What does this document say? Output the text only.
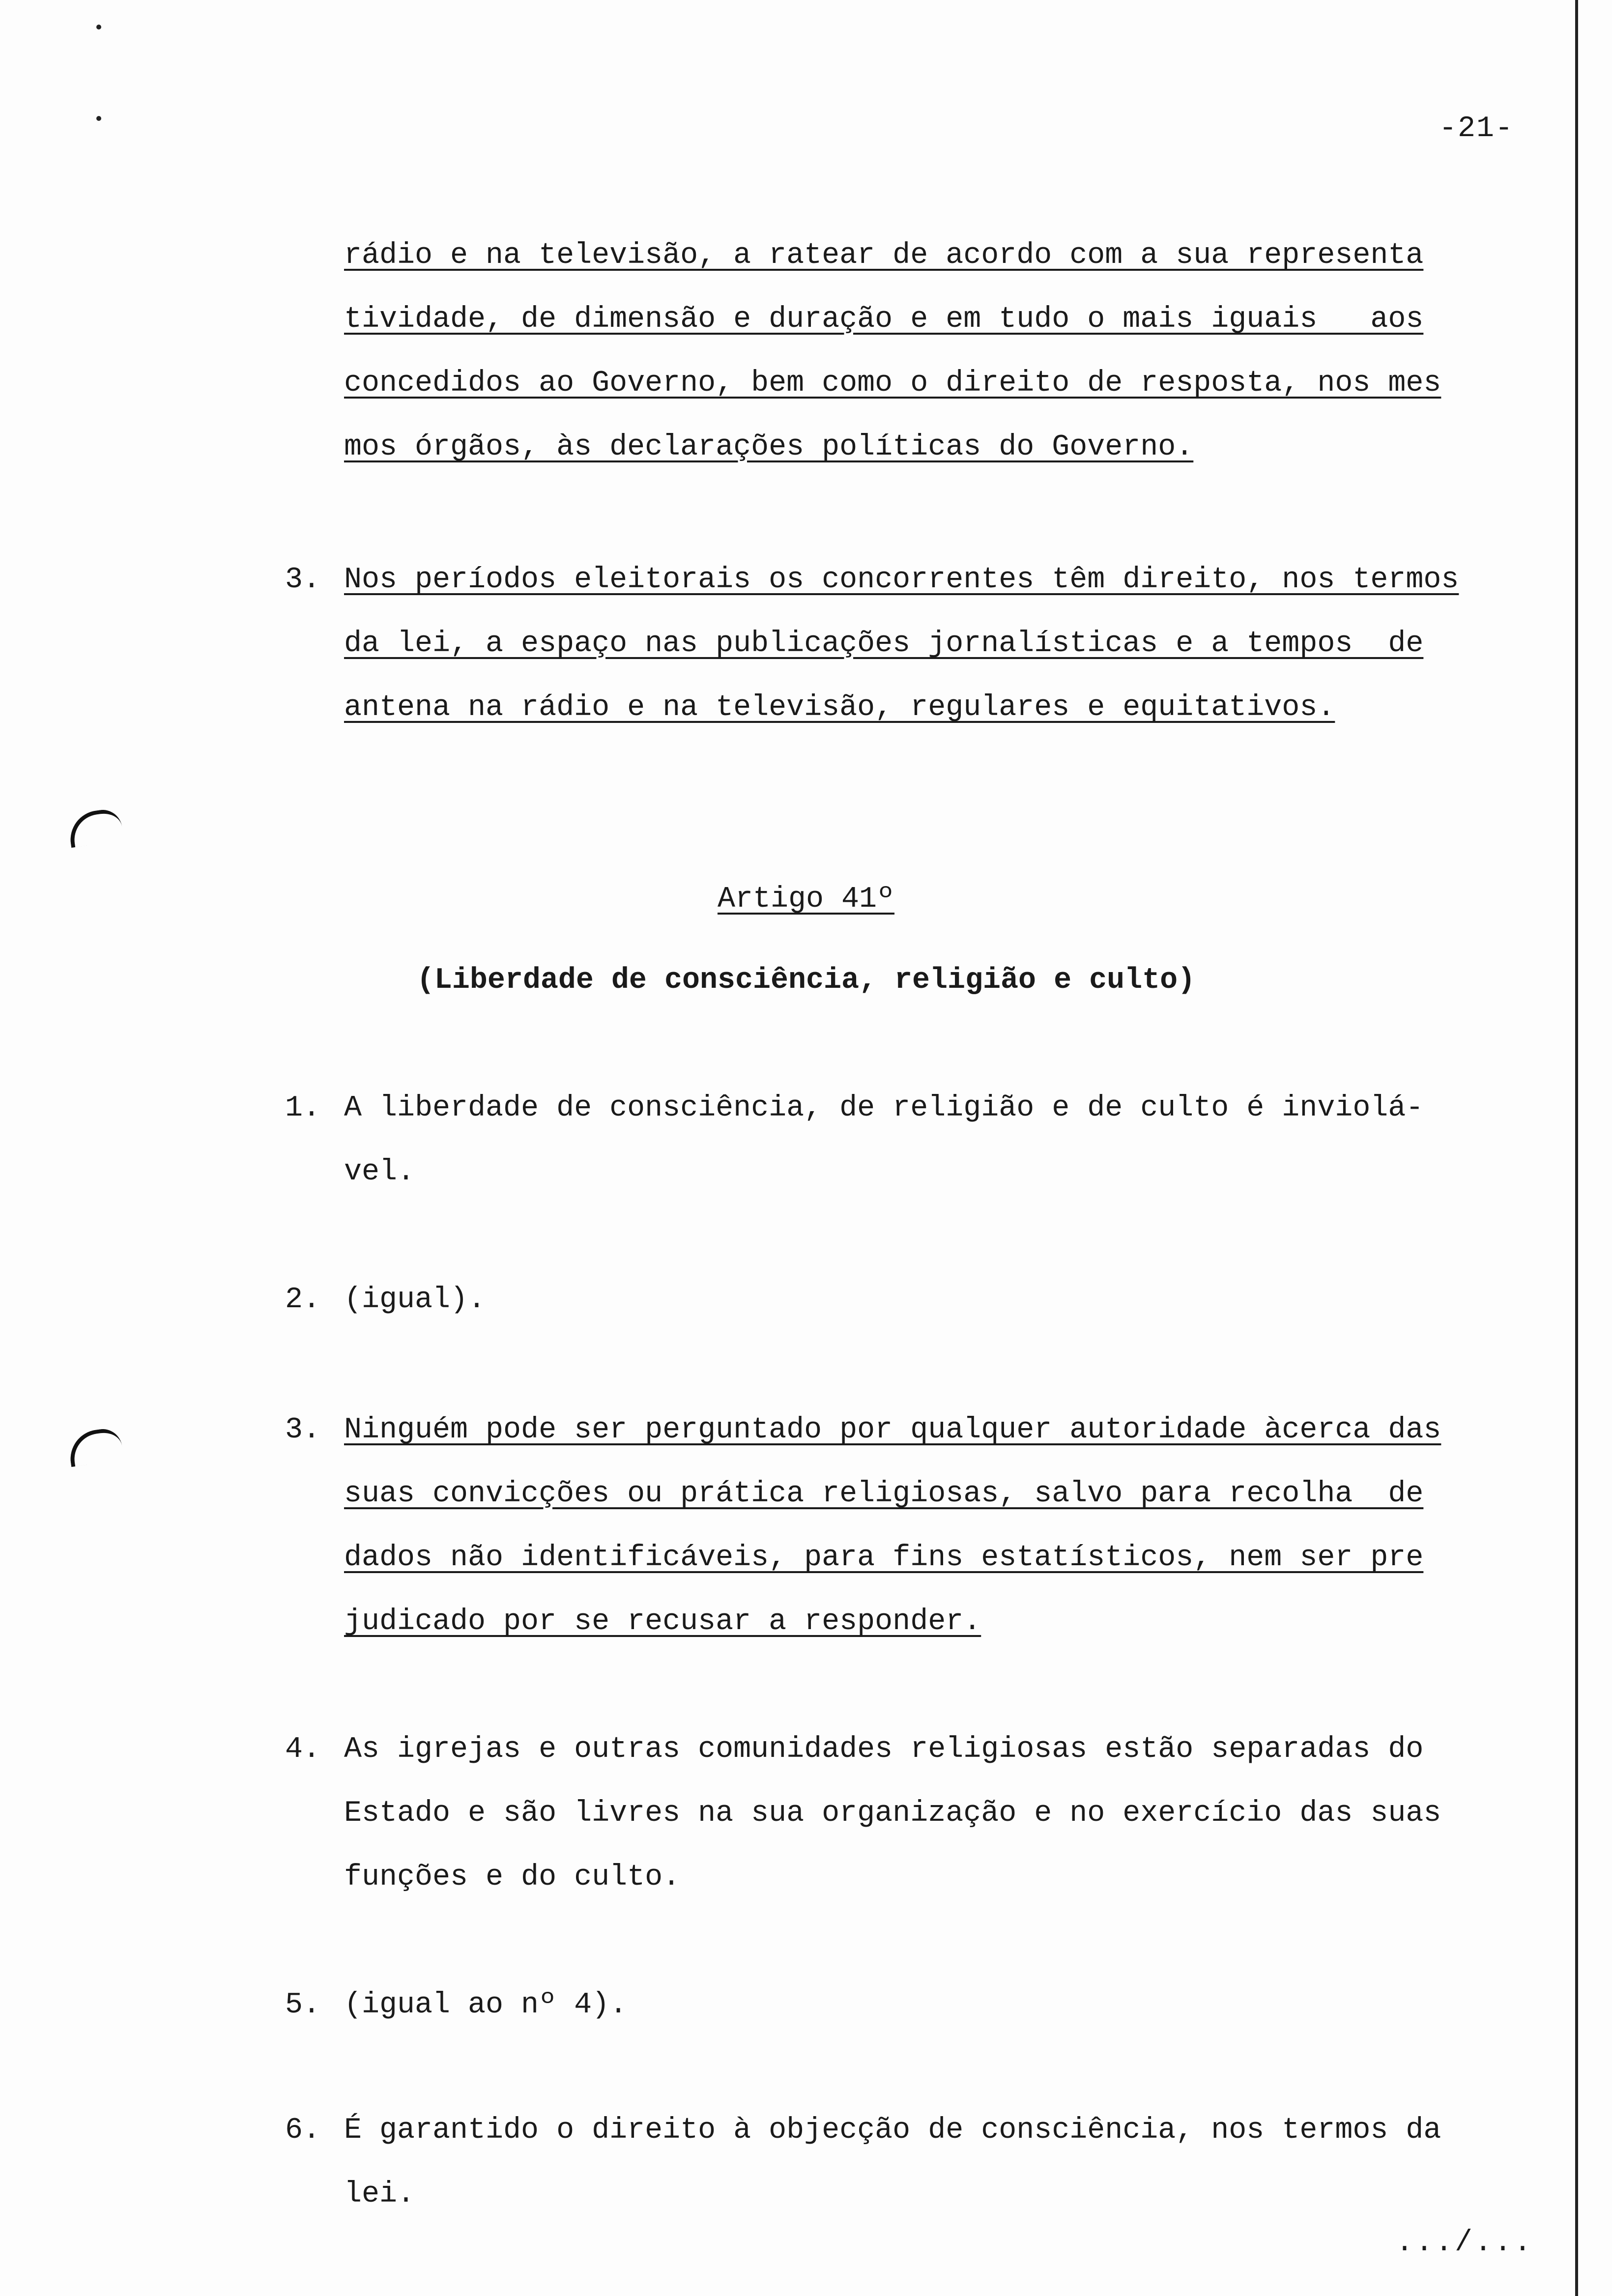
-21-
rádio e na televisão, a ratear de acordo com a sua representa
tividade, de dimensão e duração e em tudo o mais iguais   aos
concedidos ao Governo, bem como o direito de resposta, nos mes
mos órgãos, às declarações políticas do Governo.
3. Nos períodos eleitorais os concorrentes têm direito, nos termos
da lei, a espaço nas publicações jornalísticas e a tempos  de
antena na rádio e na televisão, regulares e equitativos.
Artigo 41º
(Liberdade de consciência, religião e culto)
1. A liberdade de consciência, de religião e de culto é inviolá-
vel.
2. (igual).
3. Ninguém pode ser perguntado por qualquer autoridade àcerca das
suas convicções ou prática religiosas, salvo para recolha  de
dados não identificáveis, para fins estatísticos, nem ser pre
judicado por se recusar a responder.
4. As igrejas e outras comunidades religiosas estão separadas do
Estado e são livres na sua organização e no exercício das suas
funções e do culto.
5. (igual ao nº 4).
6. É garantido o direito à objecção de consciência, nos termos da
lei.
.../...
